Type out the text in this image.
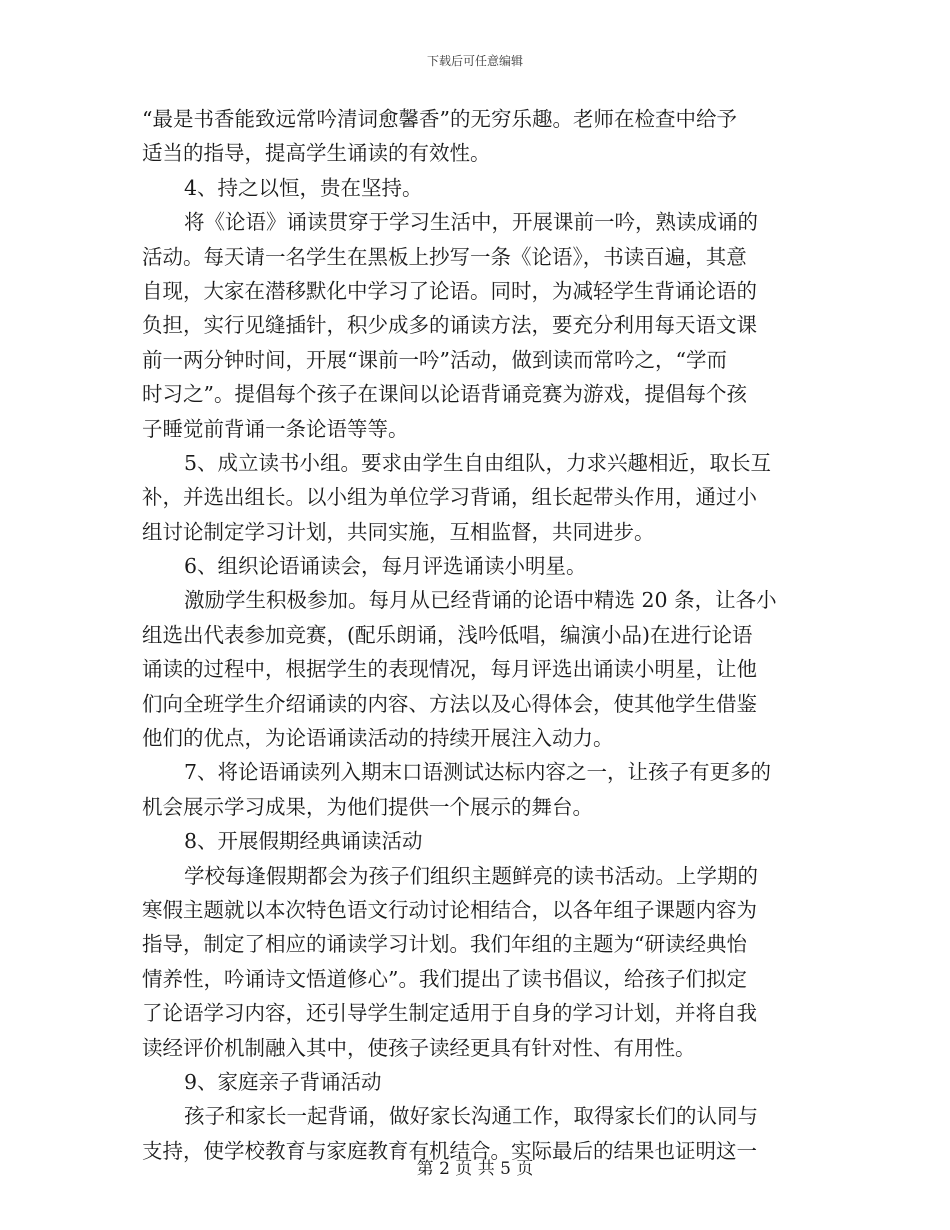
下载后可任意编辑
“最是书香能致远常吟清词愈馨香”的无穷乐趣。老师在检查中给予
适当的指导，提高学生诵读的有效性。
4、持之以恒，贵在坚持。
将《论语》诵读贯穿于学习生活中，开展课前一吟，熟读成诵的
活动。每天请一名学生在黑板上抄写一条《论语》，书读百遍，其意
自现，大家在潜移默化中学习了论语。同时，为减轻学生背诵论语的
负担，实行见缝插针，积少成多的诵读方法，要充分利用每天语文课
前一两分钟时间，开展“课前一吟”活动，做到读而常吟之，“学而
时习之”。提倡每个孩子在课间以论语背诵竞赛为游戏，提倡每个孩
子睡觉前背诵一条论语等等。
5、成立读书小组。要求由学生自由组队，力求兴趣相近，取长互
补，并选出组长。以小组为单位学习背诵，组长起带头作用，通过小
组讨论制定学习计划，共同实施，互相监督，共同进步。
6、组织论语诵读会，每月评选诵读小明星。
激励学生积极参加。每月从已经背诵的论语中精选 20 条，让各小
组选出代表参加竞赛，(配乐朗诵，浅吟低唱，编演小品)在进行论语
诵读的过程中，根据学生的表现情况，每月评选出诵读小明星，让他
们向全班学生介绍诵读的内容、方法以及心得体会，使其他学生借鉴
他们的优点，为论语诵读活动的持续开展注入动力。
7、将论语诵读列入期末口语测试达标内容之一，让孩子有更多的
机会展示学习成果，为他们提供一个展示的舞台。
8、开展假期经典诵读活动
学校每逢假期都会为孩子们组织主题鲜亮的读书活动。上学期的
寒假主题就以本次特色语文行动讨论相结合，以各年组子课题内容为
指导，制定了相应的诵读学习计划。我们年组的主题为“研读经典怡
情养性，吟诵诗文悟道修心”。我们提出了读书倡议，给孩子们拟定
了论语学习内容，还引导学生制定适用于自身的学习计划，并将自我
读经评价机制融入其中，使孩子读经更具有针对性、有用性。
9、家庭亲子背诵活动
孩子和家长一起背诵，做好家长沟通工作，取得家长们的认同与
支持，使学校教育与家庭教育有机结合。实际最后的结果也证明这一
第 2 页 共 5 页
